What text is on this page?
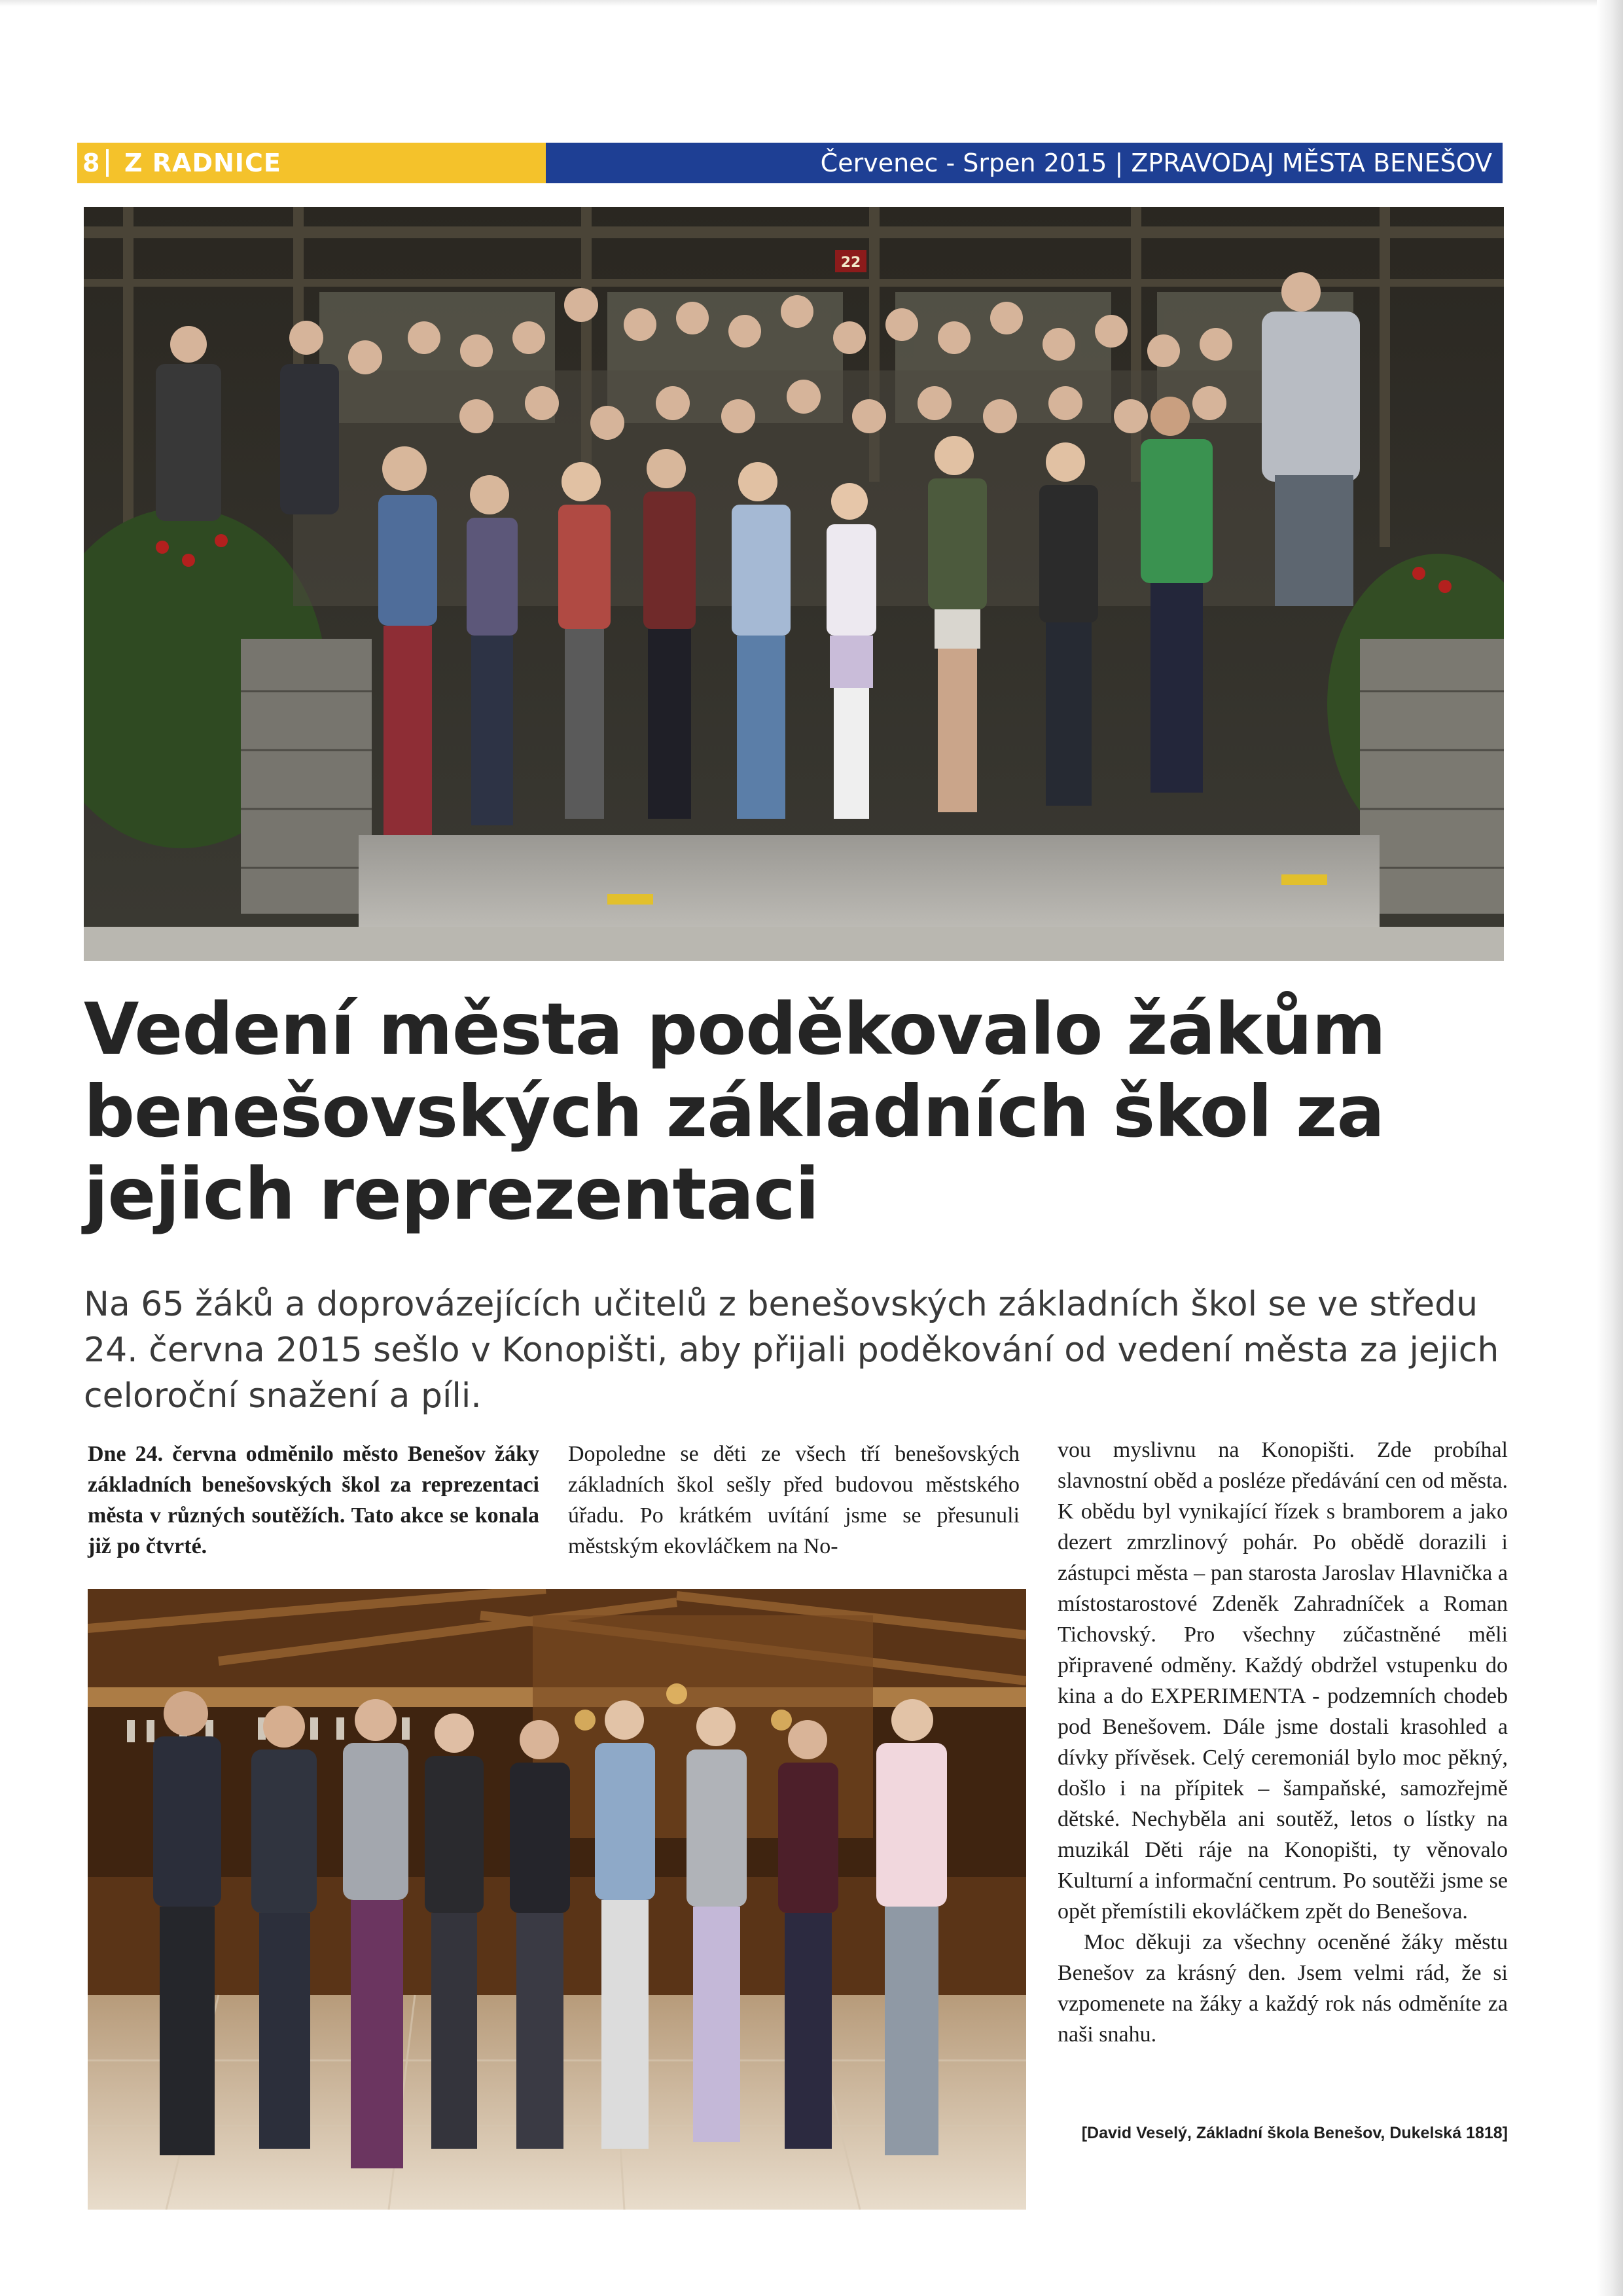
8 Z RADNICE	Červenec - Srpen 2015 | ZPRAVODAJ MĚSTA BENEŠOV
22
Vedení města poděkovalo žákům benešovských základních škol za jejich reprezentaci

Na 65 žáků a doprovázejících učitelů z benešovských základních škol se ve středu 24. června 2015 sešlo v Konopišti, aby přijali poděkování od vedení města za jejich celoroční snažení a píli.

Dne 24. června odměnilo město Benešov žáky základních benešovských škol za reprezentaci města v různých soutěžích. Tato akce se konala již po čtvrté.

Dopoledne se děti ze všech tří benešovských základních škol sešly před budovou městského úřadu. Po krátkém uvítání jsme se přesunuli městským ekovláčkem na No-

vou myslivnu na Konopišti. Zde probíhal slavnostní oběd a posléze předávání cen od města. K obědu byl vynikající řízek s bramborem a jako dezert zmrzlinový pohár. Po obědě dorazili i zástupci města – pan starosta Jaroslav Hlavnička a místostarostové Zdeněk Zahradníček a Roman Tichovský. Pro všechny zúčastněné měli připravené odměny. Každý obdržel vstupenku do kina a do EXPERIMENTA - podzemních chodeb pod Benešovem. Dále jsme dostali krasohled a dívky přívěsek. Celý ceremoniál bylo moc pěkný, došlo i na přípitek – šampaňské, samozřejmě dětské. Nechyběla ani soutěž, letos o lístky na muzikál Děti ráje na Konopišti, ty věnovalo Kulturní a informační centrum. Po soutěži jsme se opět přemístili ekovláčkem zpět do Benešova.

Moc děkuji za všechny oceněné žáky městu Benešov za krásný den. Jsem velmi rád, že si vzpomenete na žáky a každý rok nás odměníte za naši snahu.

[David Veselý, Základní škola Benešov, Dukelská 1818]
